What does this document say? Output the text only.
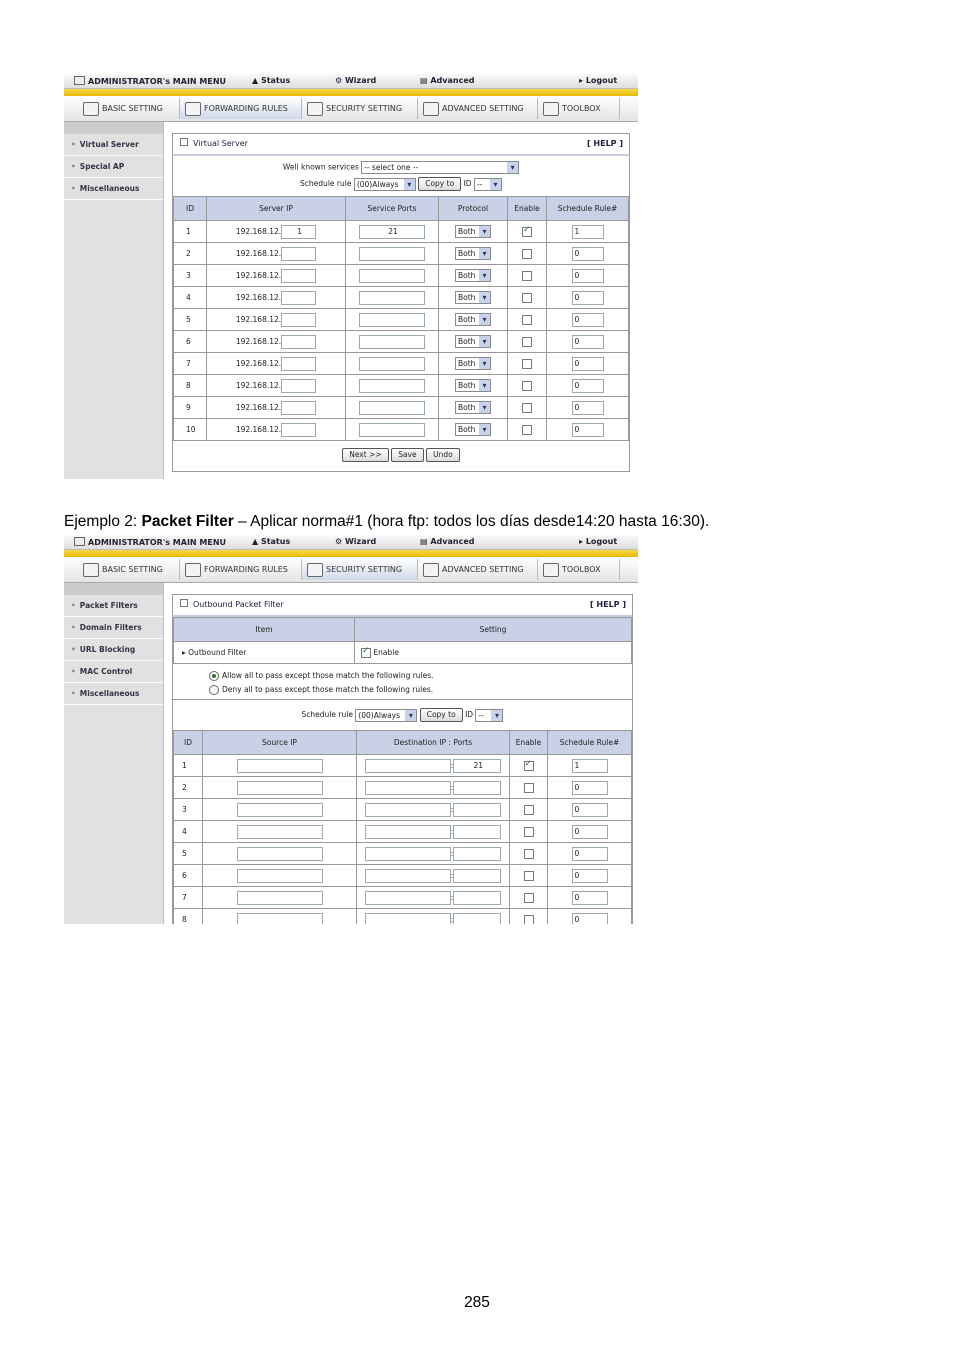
ADMINISTRATOR's MAIN MENU	▲ Status	⚙ Wizard	▤ Advanced	▸ Logout
BASIC SETTING	FORWARDING RULES	SECURITY SETTING	ADVANCED SETTING	TOOLBOX
• Virtual Server
• Special AP
• Miscellaneous
Virtual Server	[ HELP ]
Well known services -- select one -- ▾
Schedule rule (00)Always ▾	Copy to ID -- ▾
ID	Server IP	Service Ports	Protocol	Enable	Schedule Rule#
1	192.168.12. 1	21	Both ▾	✓	1
2	192.168.12.		Both ▾		0
3	192.168.12.		Both ▾		0
4	192.168.12.		Both ▾		0
5	192.168.12.		Both ▾		0
6	192.168.12.		Both ▾		0
7	192.168.12.		Both ▾		0
8	192.168.12.		Both ▾		0
9	192.168.12.		Both ▾		0
10	192.168.12.		Both ▾		0
Next >> Save Undo
Ejemplo 2: Packet Filter – Aplicar norma#1 (hora ftp: todos los días desde14:20 hasta 16:30).
ADMINISTRATOR's MAIN MENU	▲ Status	⚙ Wizard	▤ Advanced	▸ Logout
BASIC SETTING	FORWARDING RULES	SECURITY SETTING	ADVANCED SETTING	TOOLBOX
• Packet Filters
• Domain Filters
• URL Blocking
• MAC Control
• Miscellaneous
Outbound Packet Filter	[ HELP ]
Item	Setting
▸ Outbound Filter	✓Enable
Allow all to pass except those match the following rules.
Deny all to pass except those match the following rules.
Schedule rule (00)Always ▾	Copy to ID -- ▾
ID	Source IP	Destination IP : Ports	Enable	Schedule Rule#
1		: 21	✓	1
2		:		0
3		:		0
4		:		0
5		:		0
6		:		0
7		:		0
8		:		0
285
